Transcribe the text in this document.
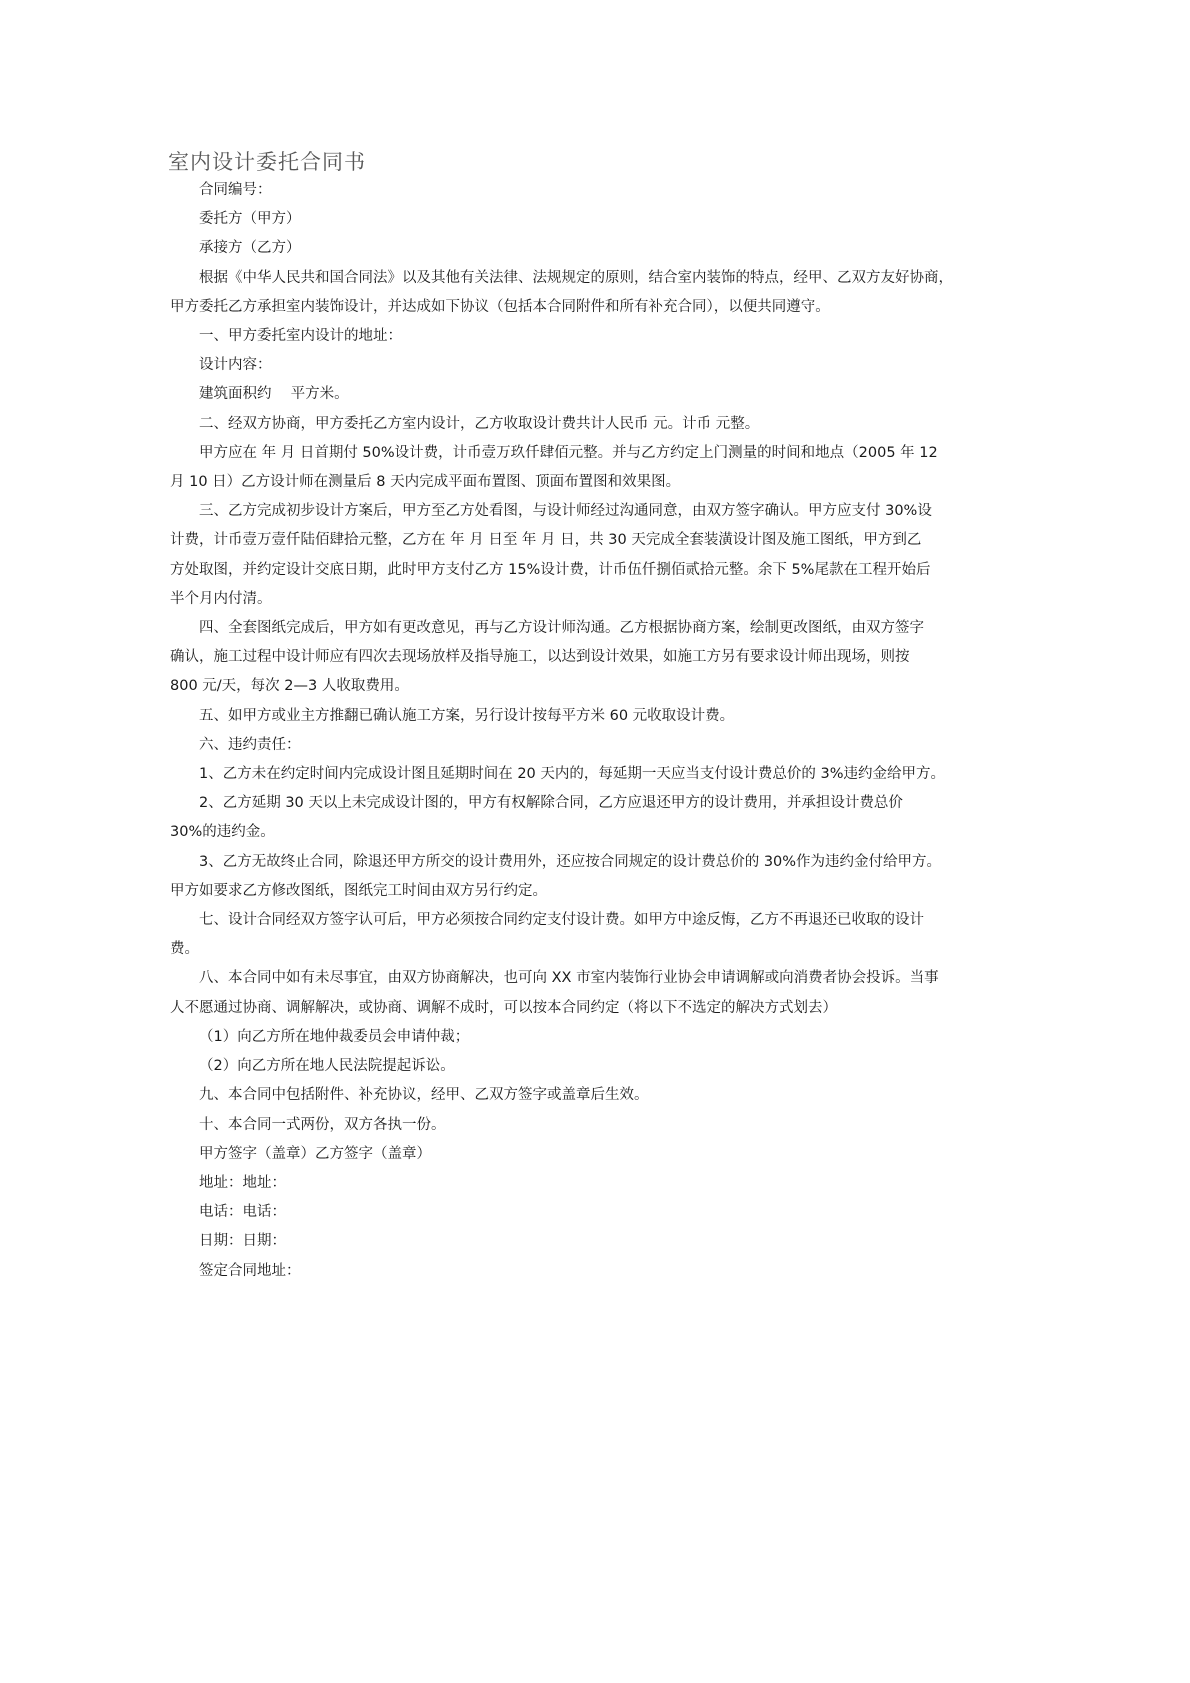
室内设计委托合同书
合同编号：
委托方（甲方）
承接方（乙方）
根据《中华人民共和国合同法》以及其他有关法律、法规规定的原则，结合室内装饰的特点，经甲、乙双方友好协商，
甲方委托乙方承担室内装饰设计，并达成如下协议（包括本合同附件和所有补充合同），以便共同遵守。
一、甲方委托室内设计的地址：
设计内容：
建筑面积约　 平方米。
二、经双方协商，甲方委托乙方室内设计，乙方收取设计费共计人民币 元。计币 元整。
甲方应在 年 月 日首期付 50%设计费，计币壹万玖仟肆佰元整。并与乙方约定上门测量的时间和地点（2005 年 12
月 10 日）乙方设计师在测量后 8 天内完成平面布置图、顶面布置图和效果图。
三、乙方完成初步设计方案后，甲方至乙方处看图，与设计师经过沟通同意，由双方签字确认。甲方应支付 30%设
计费，计币壹万壹仟陆佰肆拾元整，乙方在 年 月 日至 年 月 日，共 30 天完成全套装潢设计图及施工图纸，甲方到乙
方处取图，并约定设计交底日期，此时甲方支付乙方 15%设计费，计币伍仟捌佰贰拾元整。余下 5%尾款在工程开始后
半个月内付清。
四、全套图纸完成后，甲方如有更改意见，再与乙方设计师沟通。乙方根据协商方案，绘制更改图纸，由双方签字
确认，施工过程中设计师应有四次去现场放样及指导施工，以达到设计效果，如施工方另有要求设计师出现场，则按
800 元/天，每次 2—3 人收取费用。
五、如甲方或业主方推翻已确认施工方案，另行设计按每平方米 60 元收取设计费。
六、违约责任：
1、乙方未在约定时间内完成设计图且延期时间在 20 天内的，每延期一天应当支付设计费总价的 3%违约金给甲方。
2、乙方延期 30 天以上未完成设计图的，甲方有权解除合同，乙方应退还甲方的设计费用，并承担设计费总价
30%的违约金。
3、乙方无故终止合同，除退还甲方所交的设计费用外，还应按合同规定的设计费总价的 30%作为违约金付给甲方。
甲方如要求乙方修改图纸，图纸完工时间由双方另行约定。
七、设计合同经双方签字认可后，甲方必须按合同约定支付设计费。如甲方中途反悔，乙方不再退还已收取的设计
费。
八、本合同中如有未尽事宜，由双方协商解决，也可向 XX 市室内装饰行业协会申请调解或向消费者协会投诉。当事
人不愿通过协商、调解解决，或协商、调解不成时，可以按本合同约定（将以下不选定的解决方式划去）
（1）向乙方所在地仲裁委员会申请仲裁；
（2）向乙方所在地人民法院提起诉讼。
九、本合同中包括附件、补充协议，经甲、乙双方签字或盖章后生效。
十、本合同一式两份，双方各执一份。
甲方签字（盖章）乙方签字（盖章）
地址：地址：
电话：电话：
日期：日期：
签定合同地址：
